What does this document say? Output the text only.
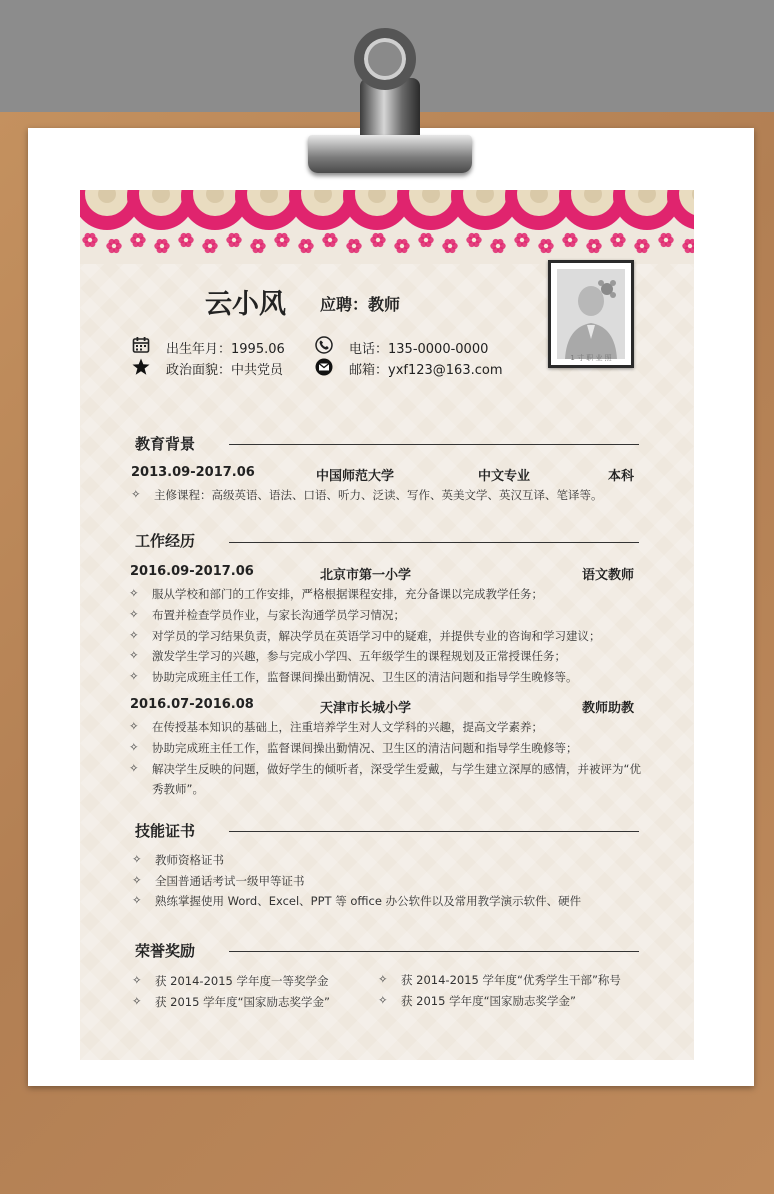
云小风 应聘：教师
出生年月：1995.06
政治面貌：中共党员
电话：135-0000-0000
邮箱：yxf123@163.com
1 寸 职 业 照
教育背景
2013.09-2017.06	中国师范大学	中文专业	本科
✧ 主修课程：高级英语、语法、口语、听力、泛读、写作、英美文学、英汉互译、笔译等。
工作经历
2016.09-2017.06	北京市第一小学	语文教师
✧ 服从学校和部门的工作安排，严格根据课程安排，充分备课以完成教学任务；
✧ 布置并检查学员作业，与家长沟通学员学习情况；
✧ 对学员的学习结果负责，解决学员在英语学习中的疑难，并提供专业的咨询和学习建议；
✧ 激发学生学习的兴趣，参与完成小学四、五年级学生的课程规划及正常授课任务；
✧ 协助完成班主任工作，监督课间操出勤情况、卫生区的清洁问题和指导学生晚修等。
2016.07-2016.08	天津市长城小学	教师助教
✧ 在传授基本知识的基础上，注重培养学生对人文学科的兴趣，提高文学素养；
✧ 协助完成班主任工作，监督课间操出勤情况、卫生区的清洁问题和指导学生晚修等；
✧ 解决学生反映的问题，做好学生的倾听者，深受学生爱戴，与学生建立深厚的感情，并被评为“优
秀教师”。
技能证书
✧ 教师资格证书
✧ 全国普通话考试一级甲等证书
✧ 熟练掌握使用 Word、Excel、PPT 等 office 办公软件以及常用教学演示软件、硬件
荣誉奖励
✧ 获 2014-2015 学年度一等奖学金	✧ 获 2014-2015 学年度“优秀学生干部”称号
✧ 获 2015 学年度“国家励志奖学金”	✧ 获 2015 学年度“国家励志奖学金”
